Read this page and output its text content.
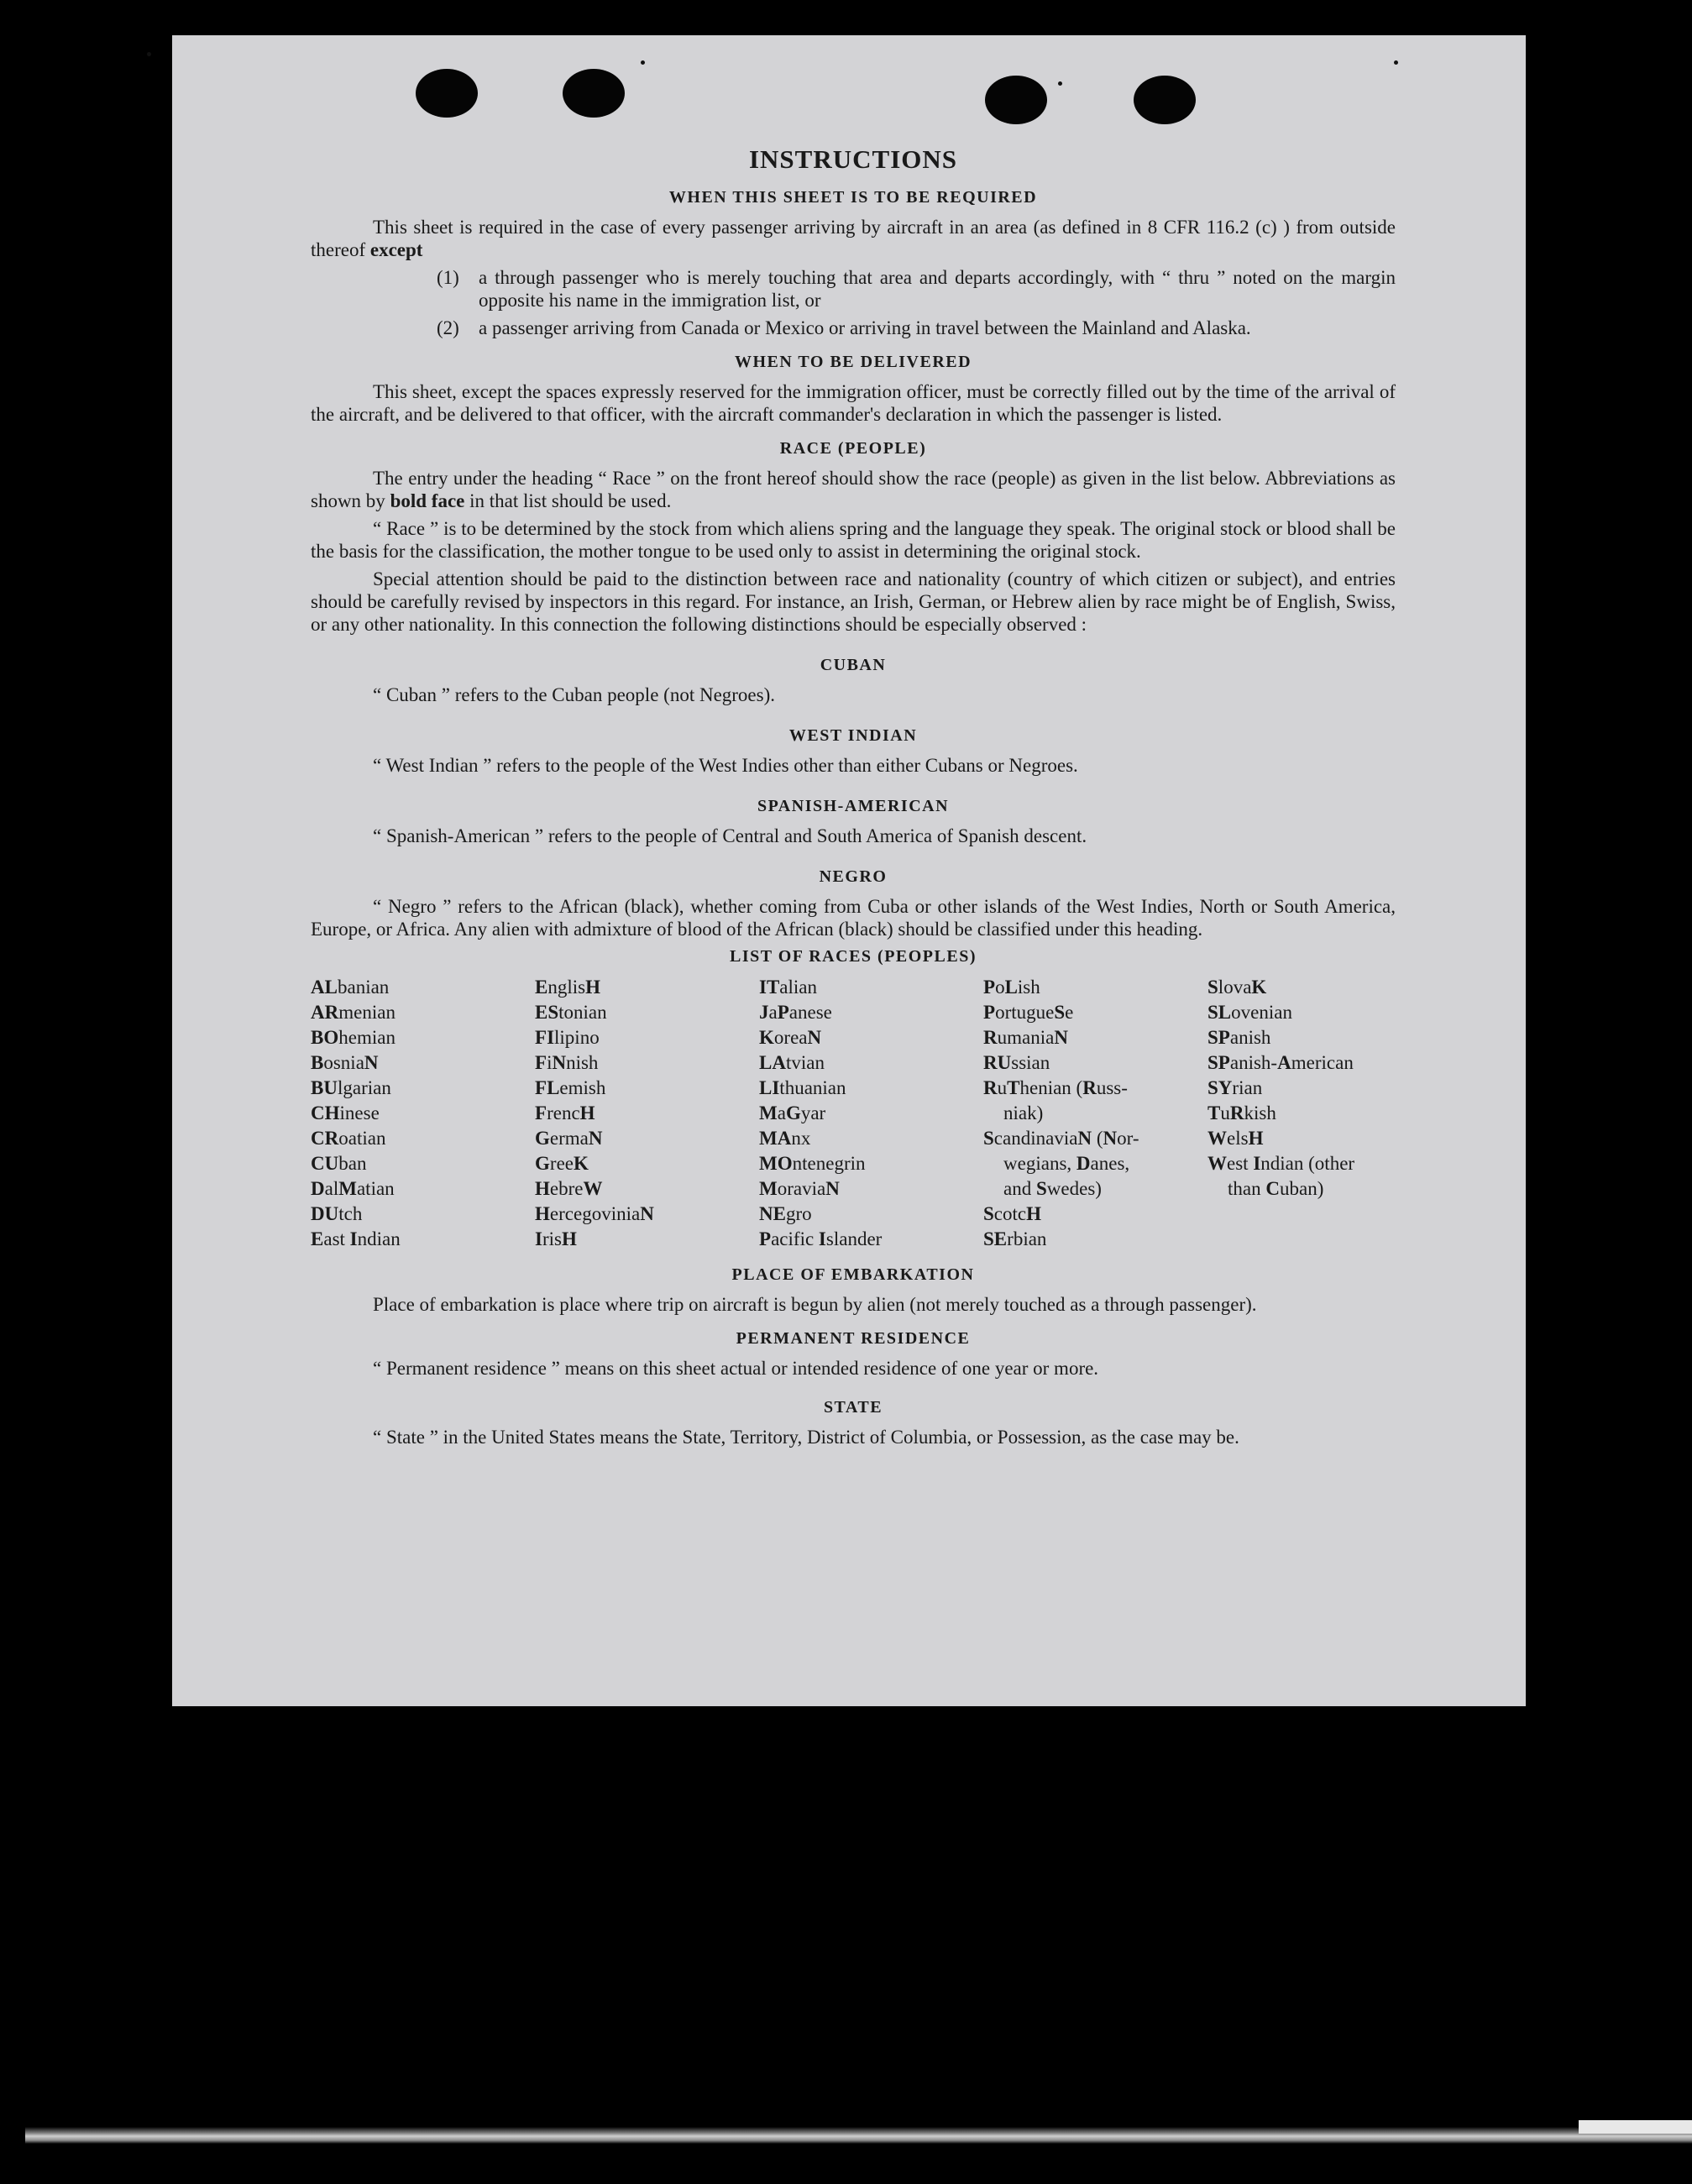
INSTRUCTIONS
WHEN THIS SHEET IS TO BE REQUIRED

This sheet is required in the case of every passenger arriving by aircraft in an area (as defined in 8 CFR 116.2 (c) ) from outside thereof except

(1)	a through passenger who is merely touching that area and departs accordingly, with “ thru ” noted on the margin opposite his name in the immigration list, or
(2)	a passenger arriving from Canada or Mexico or arriving in travel between the Mainland and Alaska.
WHEN TO BE DELIVERED

This sheet, except the spaces expressly reserved for the immigration officer, must be correctly filled out by the time of the arrival of the aircraft, and be delivered to that officer, with the aircraft commander's declaration in which the passenger is listed.

RACE (PEOPLE)

The entry under the heading “ Race ” on the front hereof should show the race (people) as given in the list below. Abbreviations as shown by bold face in that list should be used.

“ Race ” is to be determined by the stock from which aliens spring and the language they speak. The original stock or blood shall be the basis for the classification, the mother tongue to be used only to assist in determining the original stock.

Special attention should be paid to the distinction between race and nationality (country of which citizen or subject), and entries should be carefully revised by inspectors in this regard. For instance, an Irish, German, or Hebrew alien by race might be of English, Swiss, or any other nationality. In this connection the following distinctions should be especially observed :

CUBAN

“ Cuban ” refers to the Cuban people (not Negroes).

WEST INDIAN

“ West Indian ” refers to the people of the West Indies other than either Cubans or Negroes.

SPANISH-AMERICAN

“ Spanish-American ” refers to the people of Central and South America of Spanish descent.

NEGRO

“ Negro ” refers to the African (black), whether coming from Cuba or other islands of the West Indies, North or South America, Europe, or Africa. Any alien with admixture of blood of the African (black) should be classified under this heading.

LIST OF RACES (PEOPLES)
ALbanian
ARmenian
BOhemian
BosniaN
BUlgarian
CHinese
CRoatian
CUban
DalMatian
DUtch
East Indian
EnglisH
EStonian
FIlipino
FiNnish
FLemish
FrencH
GermaN
GreeK
HebreW
HercegoviniaN
IrisH
ITalian
JaPanese
KoreaN
LAtvian
LIthuanian
MaGyar
MAnx
MOntenegrin
MoraviaN
NEgro
Pacific Islander
PoLish
PortugueSe
RumaniaN
RUssian
RuThenian (Russ-
niak)
ScandinaviaN (Nor-
wegians, Danes,
and Swedes)
ScotcH
SErbian
SlovaK
SLovenian
SPanish
SPanish-American
SYrian
TuRkish
WelsH
West Indian (other
than Cuban)
PLACE OF EMBARKATION

Place of embarkation is place where trip on aircraft is begun by alien (not merely touched as a through passenger).

PERMANENT RESIDENCE

“ Permanent residence ” means on this sheet actual or intended residence of one year or more.

STATE

“ State ” in the United States means the State, Territory, District of Columbia, or Possession, as the case may be.
